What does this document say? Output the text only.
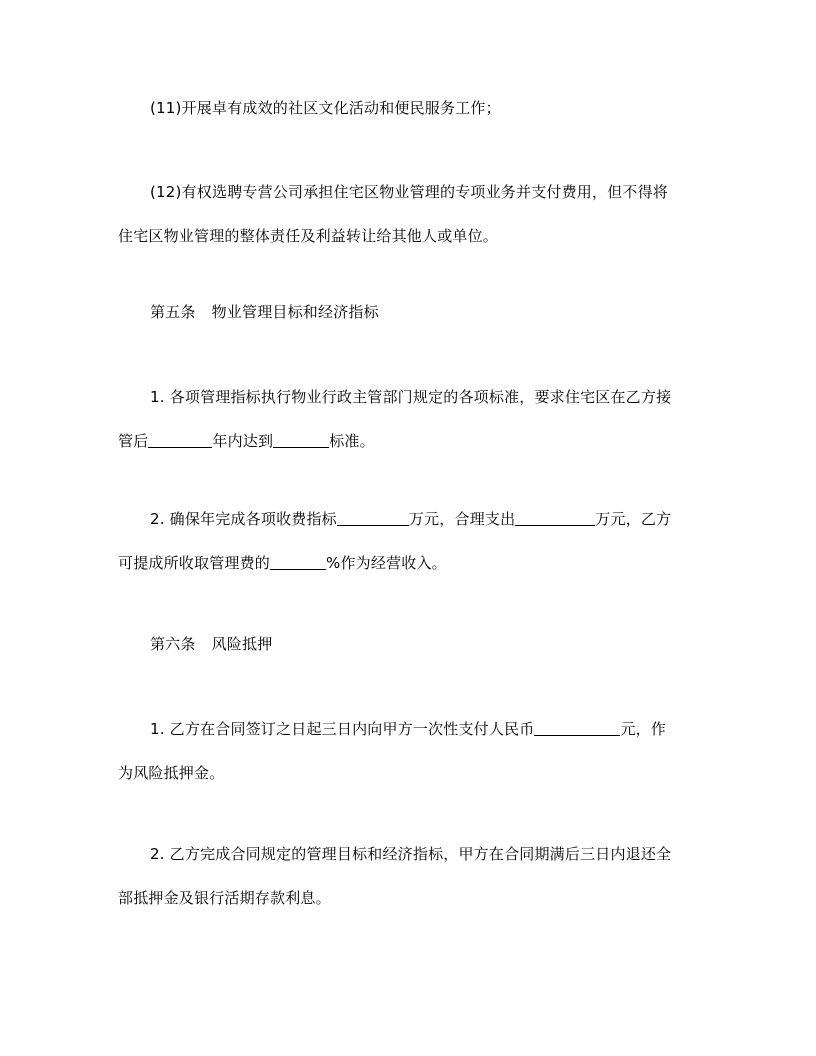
(11)开展卓有成效的社区文化活动和便民服务工作；
(12)有权选聘专营公司承担住宅区物业管理的专项业务并支付费用，但不得将
住宅区物业管理的整体责任及利益转让给其他人或单位。
第五条 物业管理目标和经济指标
1. 各项管理指标执行物业行政主管部门规定的各项标准，要求住宅区在乙方接
管后	年内达到	标准。
2. 确保年完成各项收费指标	万元，合理支出	万元，乙方
可提成所收取管理费的	%作为经营收入。
第六条 风险抵押
1. 乙方在合同签订之日起三日内向甲方一次性支付人民币	元，作
为风险抵押金。
2. 乙方完成合同规定的管理目标和经济指标，甲方在合同期满后三日内退还全
部抵押金及银行活期存款利息。
